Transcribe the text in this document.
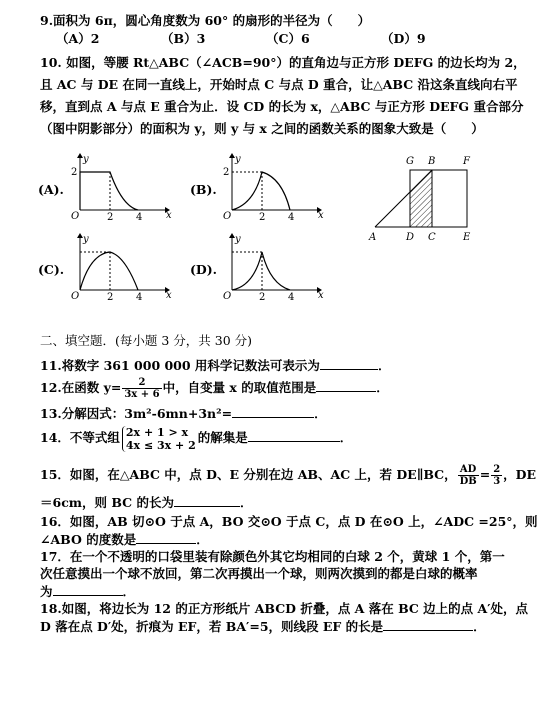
9.面积为 6π，圆心角度数为 60° 的扇形的半径为（　　）
（A）2	（B）3	（C）6	（D）9
10. 如图，等腰 Rt△ABC（∠ACB=90°）的直角边与正方形 DEFG 的边长均为 2，
且 AC 与 DE 在同一直线上，开始时点 C 与点 D 重合，让△ABC 沿这条直线向右平
移，直到点 A 与点 E 重合为止．设 CD 的长为 x，△ABC 与正方形 DEFG 重合部分
（图中阴影部分）的面积为 y，则 y 与 x 之间的函数关系的图象大致是（　　）
(A).	(B).
(C).	(D).
y
x
O
2
2 4
y
x
O
2
2 4
y
x
O	2 4
y
x
O	2 4
G B	F
A	D C	E
二、填空题．(每小题 3 分，共 30 分)
11.将数字 361 000 000 用科学记数法可表示为	．
12.在函数 $y= \frac{2}{3x + 6}$ 中，自变量 x 的取值范围是	．
13.分解因式：3m²-6mn+3n²=	．
14．不等式组 2x + 1 > x
4x ≤ 3x + 2 的解集是	．
15．如图，在△ABC 中，点 D、E 分别在边 AB、AC 上，若 DE∥BC， $\frac{AD}{DB} = \frac{2}{3}$ ，DE
＝6cm，则 BC 的长为	．
16．如图，AB 切⊙O 于点 A，BO 交⊙O 于点 C，点 D 在⊙O 上，∠ADC =25°，则
∠ABO 的度数是	．
17．在一个不透明的口袋里装有除颜色外其它均相同的白球 2 个，黄球 1 个，第一
次任意摸出一个球不放回，第二次再摸出一个球，则两次摸到的都是白球的概率
为	．
18.如图，将边长为 12 的正方形纸片 ABCD 折叠，点 A 落在 BC 边上的点 A′处，点
D 落在点 D′处，折痕为 EF，若 BA′=5，则线段 EF 的长是	．
